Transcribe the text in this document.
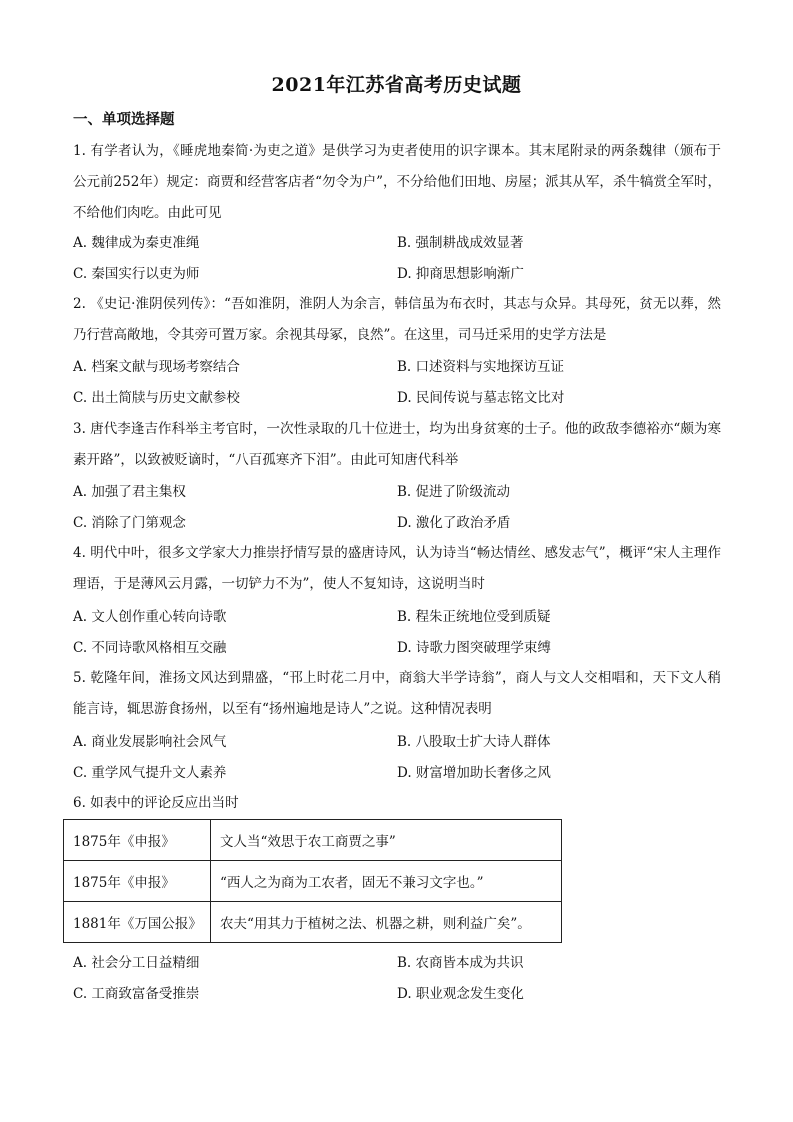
2021年江苏省高考历史试题
一、单项选择题
1. 有学者认为，《睡虎地秦简·为吏之道》是供学习为吏者使用的识字课本。其末尾附录的两条魏律（颁布于公元前252年）规定：商贾和经营客店者“勿令为户”，不分给他们田地、房屋；派其从军，杀牛犒赏全军时，不给他们肉吃。由此可见
A. 魏律成为秦吏准绳	B. 强制耕战成效显著
C. 秦国实行以吏为师	D. 抑商思想影响渐广
2. 《史记·淮阴侯列传》：“吾如淮阴，淮阴人为余言，韩信虽为布衣时，其志与众异。其母死，贫无以葬，然乃行营高敞地，令其旁可置万家。余视其母冢，良然”。在这里，司马迁采用的史学方法是
A. 档案文献与现场考察结合	B. 口述资料与实地探访互证
C. 出土简牍与历史文献参校	D. 民间传说与墓志铭文比对
3. 唐代李逢吉作科举主考官时，一次性录取的几十位进士，均为出身贫寒的士子。他的政敌李德裕亦“颇为寒素开路”，以致被贬谪时，“八百孤寒齐下泪”。由此可知唐代科举
A. 加强了君主集权	B. 促进了阶级流动
C. 消除了门第观念	D. 激化了政治矛盾
4. 明代中叶，很多文学家大力推崇抒情写景的盛唐诗风，认为诗当“畅达情丝、感发志气”，概评“宋人主理作理语，于是薄风云月露，一切铲力不为”，使人不复知诗，这说明当时
A. 文人创作重心转向诗歌	B. 程朱正统地位受到质疑
C. 不同诗歌风格相互交融	D. 诗歌力图突破理学束缚
5. 乾隆年间，淮扬文风达到鼎盛，“邗上时花二月中，商翁大半学诗翁”，商人与文人交相唱和，天下文人稍能言诗，辄思游食扬州，以至有“扬州遍地是诗人”之说。这种情况表明
A. 商业发展影响社会风气	B. 八股取士扩大诗人群体
C. 重学风气提升文人素养	D. 财富增加助长奢侈之风
6. 如表中的评论反应出当时
1875年《申报》	文人当“效思于农工商贾之事”
1875年《申报》	“西人之为商为工农者，固无不兼习文字也。”
1881年《万国公报》	农夫“用其力于植树之法、机器之耕，则利益广矣”。
A. 社会分工日益精细	B. 农商皆本成为共识
C. 工商致富备受推崇	D. 职业观念发生变化
